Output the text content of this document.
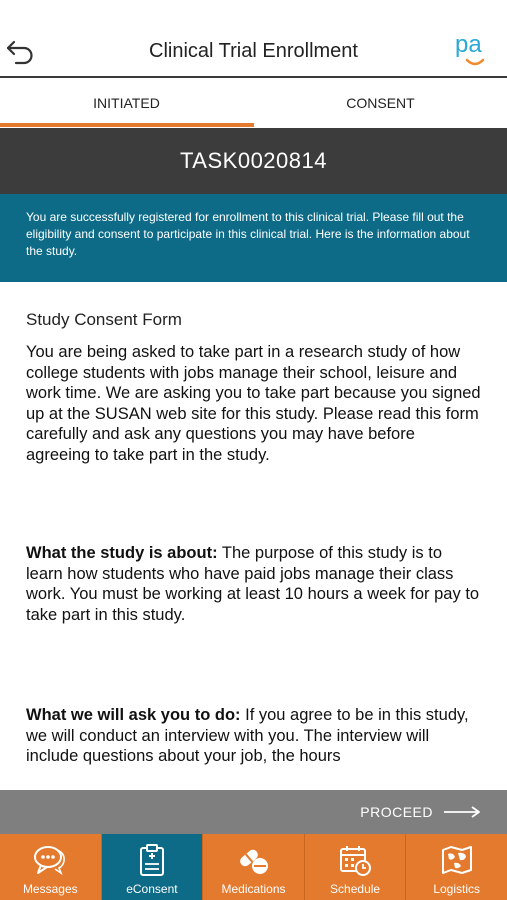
Clinical Trial Enrollment	pa
INITIATED	CONSENT
TASK0020814
You are successfully registered for enrollment to this clinical trial. Please fill out the eligibility and consent to participate in this clinical trial. Here is the information about the study.
Study Consent Form

You are being asked to take part in a research study of how college students with jobs manage their school, leisure and work time. We are asking you to take part because you signed up at the SUSAN web site for this study. Please read this form carefully and ask any questions you may have before agreeing to take part in the study.

What the study is about: The purpose of this study is to learn how students who have paid jobs manage their class work. You must be working at least 10 hours a week for pay to take part in this study.

What we will ask you to do: If you agree to be in this study, we will conduct an interview with you. The interview will include questions about your job, the hours

PROCEED
Messages	eConsent	Medications	Schedule	Logistics
